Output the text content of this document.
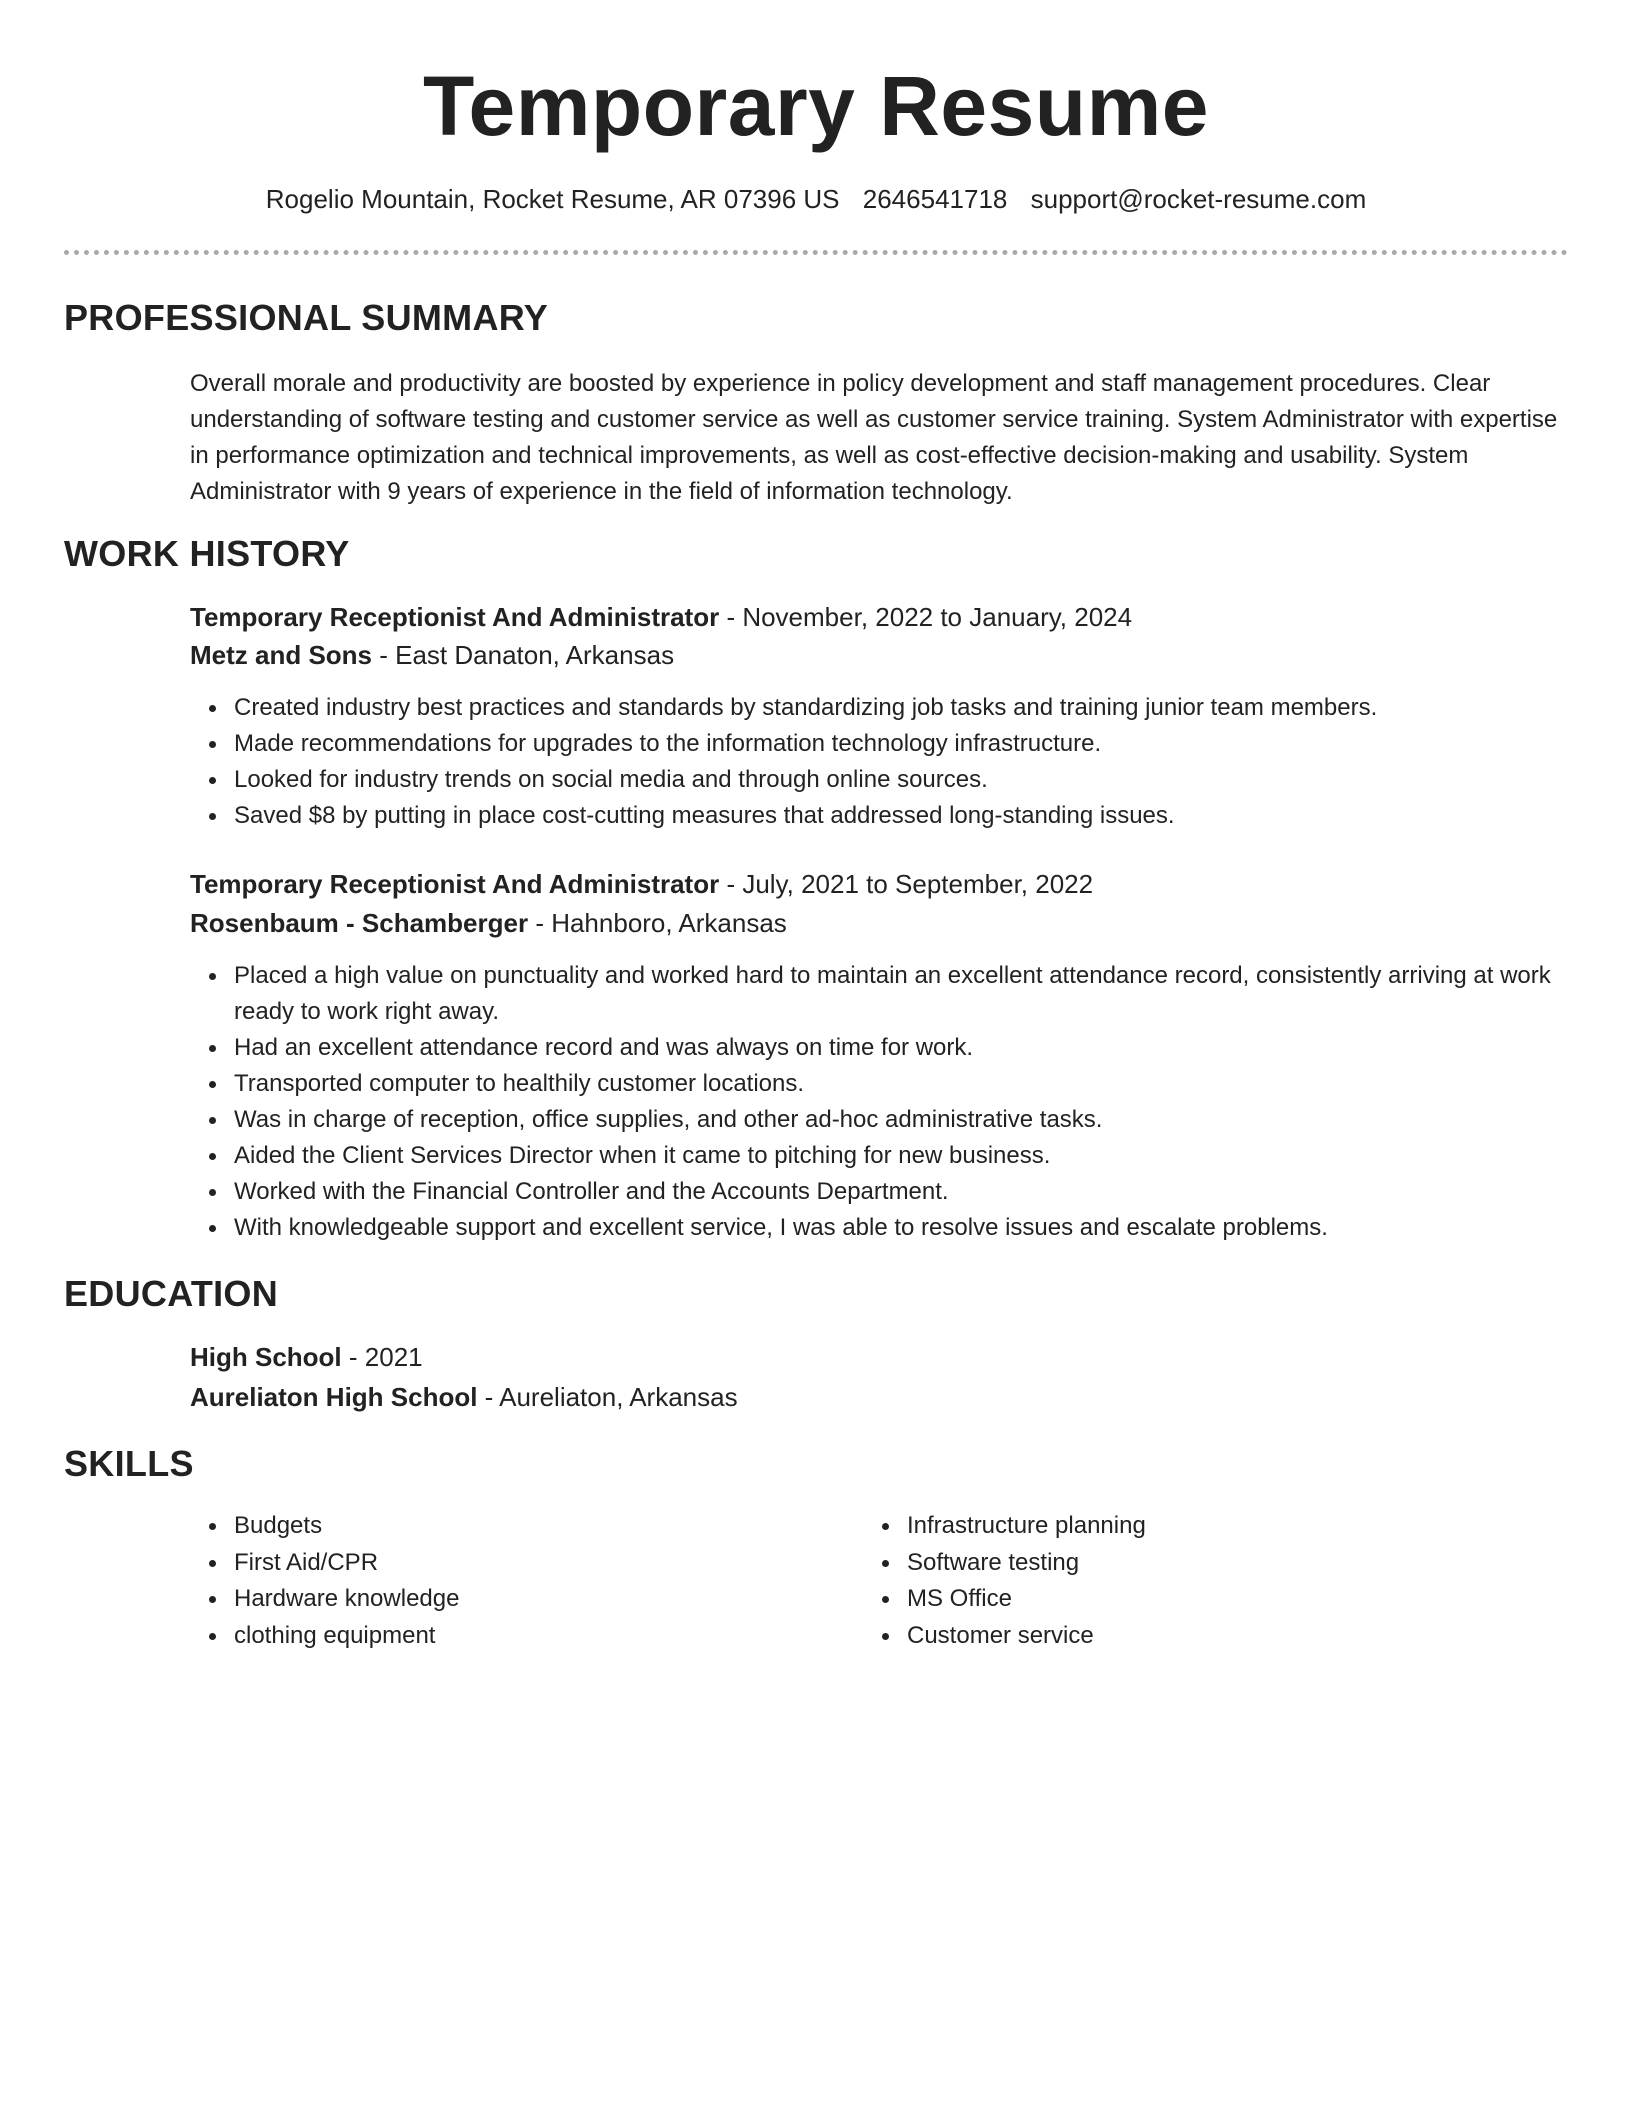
Temporary Resume
Rogelio Mountain, Rocket Resume, AR 07396 US 2646541718 support@rocket-resume.com
PROFESSIONAL SUMMARY
Overall morale and productivity are boosted by experience in policy development and staff management procedures. Clear understanding of software testing and customer service as well as customer service training. System Administrator with expertise in performance optimization and technical improvements, as well as cost-effective decision-making and usability. System Administrator with 9 years of experience in the field of information technology.
WORK HISTORY
Temporary Receptionist And Administrator - November, 2022 to January, 2024
Metz and Sons - East Danaton, Arkansas
Created industry best practices and standards by standardizing job tasks and training junior team members.
Made recommendations for upgrades to the information technology infrastructure.
Looked for industry trends on social media and through online sources.
Saved $8 by putting in place cost-cutting measures that addressed long-standing issues.
Temporary Receptionist And Administrator - July, 2021 to September, 2022
Rosenbaum - Schamberger - Hahnboro, Arkansas
Placed a high value on punctuality and worked hard to maintain an excellent attendance record, consistently arriving at work ready to work right away.
Had an excellent attendance record and was always on time for work.
Transported computer to healthily customer locations.
Was in charge of reception, office supplies, and other ad-hoc administrative tasks.
Aided the Client Services Director when it came to pitching for new business.
Worked with the Financial Controller and the Accounts Department.
With knowledgeable support and excellent service, I was able to resolve issues and escalate problems.
EDUCATION
High School - 2021
Aureliaton High School - Aureliaton, Arkansas
SKILLS
Budgets
First Aid/CPR
Hardware knowledge
clothing equipment
Infrastructure planning
Software testing
MS Office
Customer service
